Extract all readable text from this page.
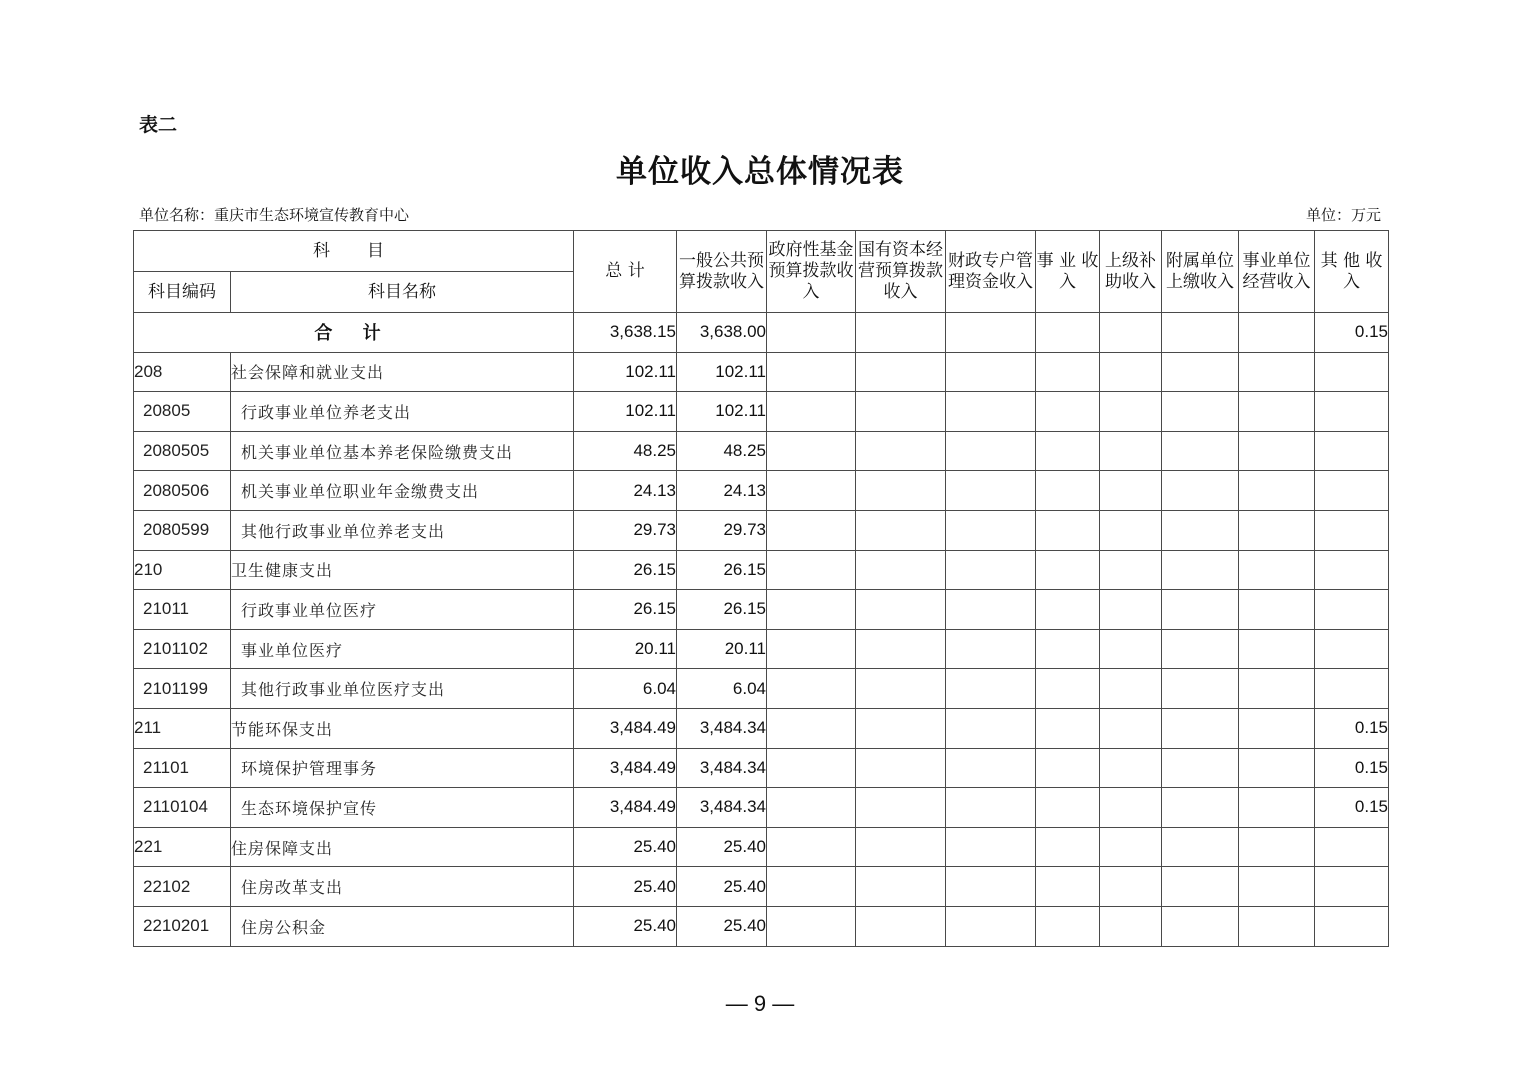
表二
单位收入总体情况表
单位名称：重庆市生态环境宣传教育中心	单位：万元
科　目		总 计	一般公共预算拨款收入	政府性基金预算拨款收入	国有资本经营预算拨款收入	财政专户管理资金收入	事 业 收 入	上级补助收入	附属单位上缴收入	事业单位经营收入	其 他 收 入
科目编码	科目名称										
合 计		3,638.15	3,638.00								0.15
208	社会保障和就业支出	102.11	102.11								
20805	行政事业单位养老支出	102.11	102.11								
2080505	机关事业单位基本养老保险缴费支出	48.25	48.25								
2080506	机关事业单位职业年金缴费支出	24.13	24.13								
2080599	其他行政事业单位养老支出	29.73	29.73								
210	卫生健康支出	26.15	26.15								
21011	行政事业单位医疗	26.15	26.15								
2101102	事业单位医疗	20.11	20.11								
2101199	其他行政事业单位医疗支出	6.04	6.04								
211	节能环保支出	3,484.49	3,484.34								0.15
21101	环境保护管理事务	3,484.49	3,484.34								0.15
2110104	生态环境保护宣传	3,484.49	3,484.34								0.15
221	住房保障支出	25.40	25.40								
22102	住房改革支出	25.40	25.40								
2210201	住房公积金	25.40	25.40								
— 9 —
